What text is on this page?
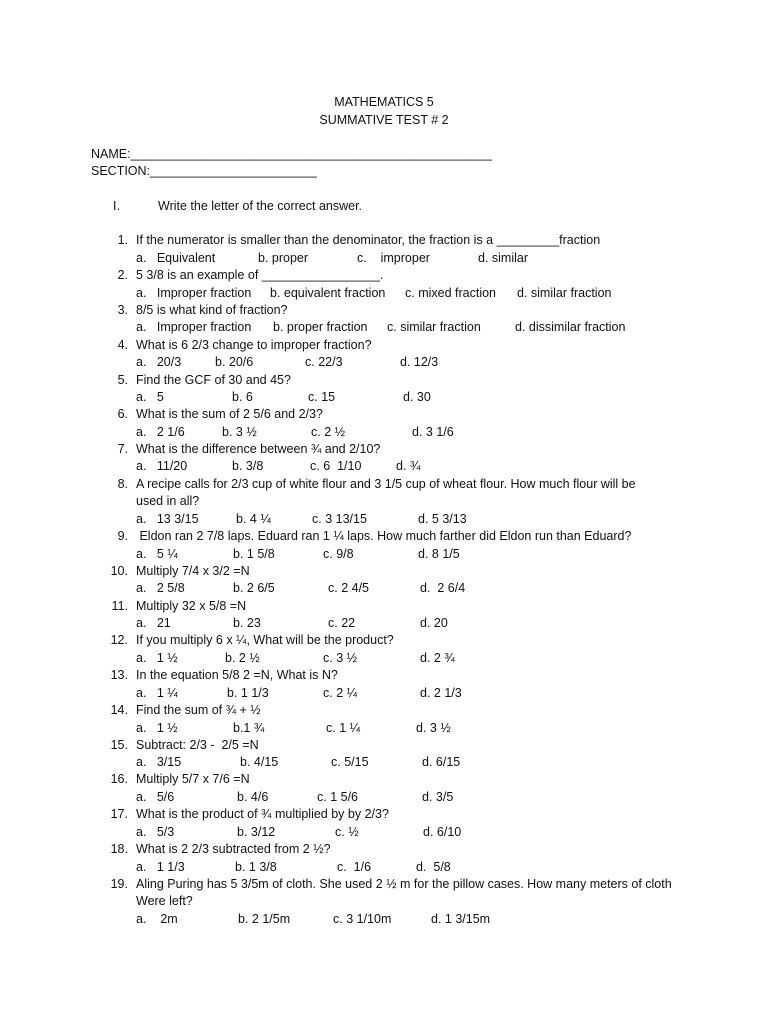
MATHEMATICS 5
SUMMATIVE TEST # 2
NAME:____________________________________________________
SECTION:________________________
I.	Write the letter of the correct answer.
1. If the numerator is smaller than the denominator, the fraction is a _________fraction
a.   Equivalent	b. proper	c.    improper	d. similar
2. 5 3/8 is an example of _________________.
a.   Improper fraction b. equivalent fraction c. mixed fraction d. similar fraction
3. 8/5 is what kind of fraction?
a.   Improper fraction b. proper fraction c. similar fraction	d. dissimilar fraction
4. What is 6 2/3 change to improper fraction?
a.   20/3	b. 20/6	c. 22/3	d. 12/3
5. Find the GCF of 30 and 45?
a.   5	b. 6	c. 15	d. 30
6. What is the sum of 2 5/6 and 2/3?
a.   2 1/6	b. 3 ½	c. 2 ½	d. 3 1/6
7. What is the difference between ¾ and 2/10?
a.   11/20	b. 3/8	c. 6  1/10	d. ¾
8. A recipe calls for 2/3 cup of white flour and 3 1/5 cup of wheat flour. How much flour will be
used in all?
a.   13 3/15	b. 4 ¼	c. 3 13/15	d. 5 3/13
9. Eldon ran 2 7/8 laps. Eduard ran 1 ¼ laps. How much farther did Eldon run than Eduard?
a.   5 ¼	b. 1 5/8	c. 9/8	d. 8 1/5
10. Multiply 7/4 x 3/2 =N
a.   2 5/8	b. 2 6/5	c. 2 4/5	d.  2 6/4
11. Multiply 32 x 5/8 =N
a.   21	b. 23	c. 22	d. 20
12. If you multiply 6 x ¼, What will be the product?
a.   1 ½	b. 2 ½	c. 3 ½	d. 2 ¾
13. In the equation 5/8 2 =N, What is N?
a.   1 ¼	b. 1 1/3	c. 2 ¼	d. 2 1/3
14. Find the sum of ¾ + ½
a.   1 ½	b.1 ¾	c. 1 ¼	d. 3 ½
15. Subtract: 2/3 -  2/5 =N
a.   3/15	b. 4/15	c. 5/15	d. 6/15
16. Multiply 5/7 x 7/6 =N
a.   5/6	b. 4/6	c. 1 5/6	d. 3/5
17. What is the product of ¾ multiplied by by 2/3?
a.   5/3	b. 3/12	c. ½	d. 6/10
18. What is 2 2/3 subtracted from 2 ½?
a.   1 1/3	b. 1 3/8	c.  1/6	d.  5/8
19. Aling Puring has 5 3/5m of cloth. She used 2 ½ m for the pillow cases. How many meters of cloth
Were left?
a.    2m	b. 2 1/5m	c. 3 1/10m	d. 1 3/15m
